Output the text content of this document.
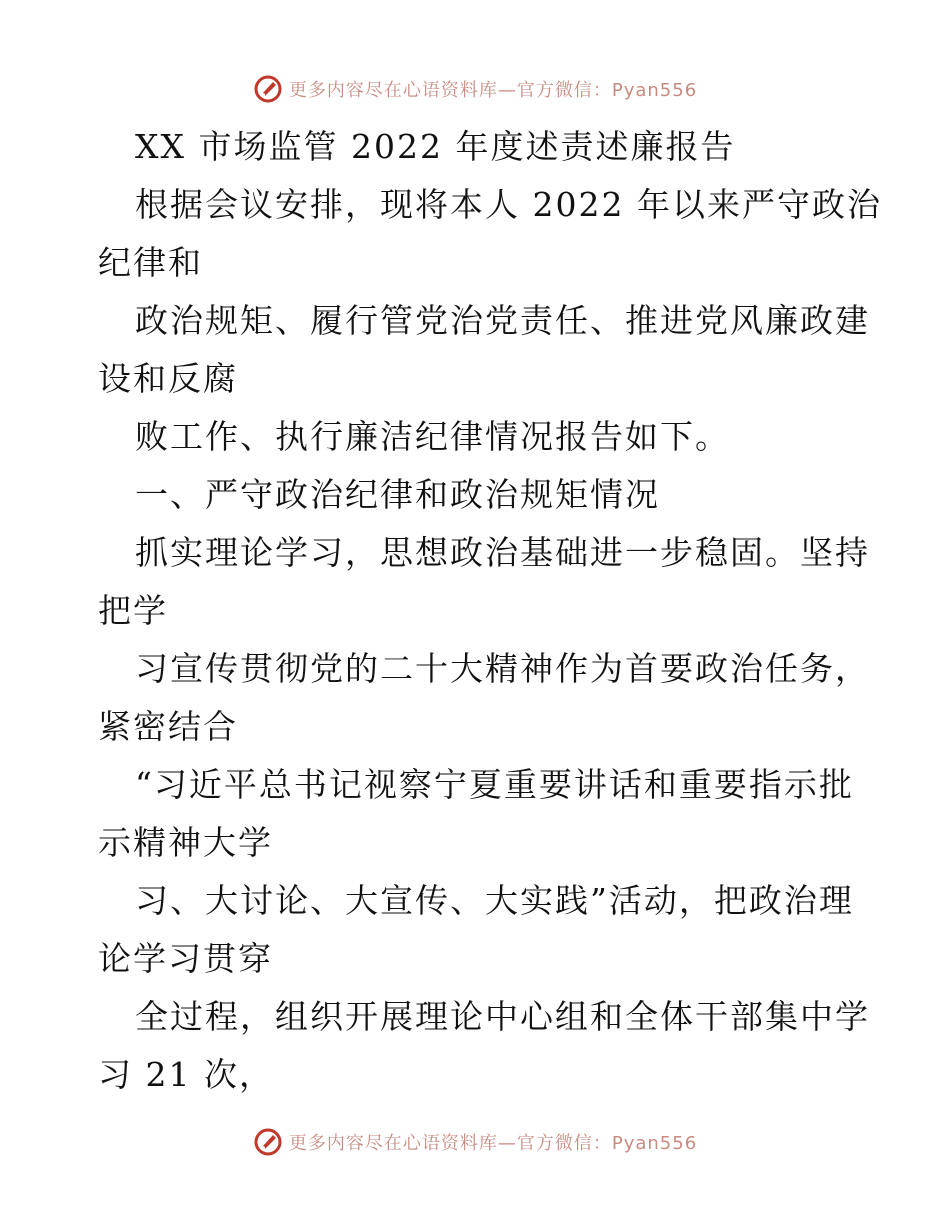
更多内容尽在心语资料库—官方微信：Pyan556
XX 市场监管 2022 年度述责述廉报告
根据会议安排，现将本人 2022 年以来严守政治
纪律和
政治规矩、履行管党治党责任、推进党风廉政建
设和反腐
败工作、执行廉洁纪律情况报告如下。
一、严守政治纪律和政治规矩情况
抓实理论学习，思想政治基础进一步稳固。坚持
把学
习宣传贯彻党的二十大精神作为首要政治任务，
紧密结合
“习近平总书记视察宁夏重要讲话和重要指示批
示精神大学
习、大讨论、大宣传、大实践”活动，把政治理
论学习贯穿
全过程，组织开展理论中心组和全体干部集中学
习 21 次，
更多内容尽在心语资料库—官方微信：Pyan556
